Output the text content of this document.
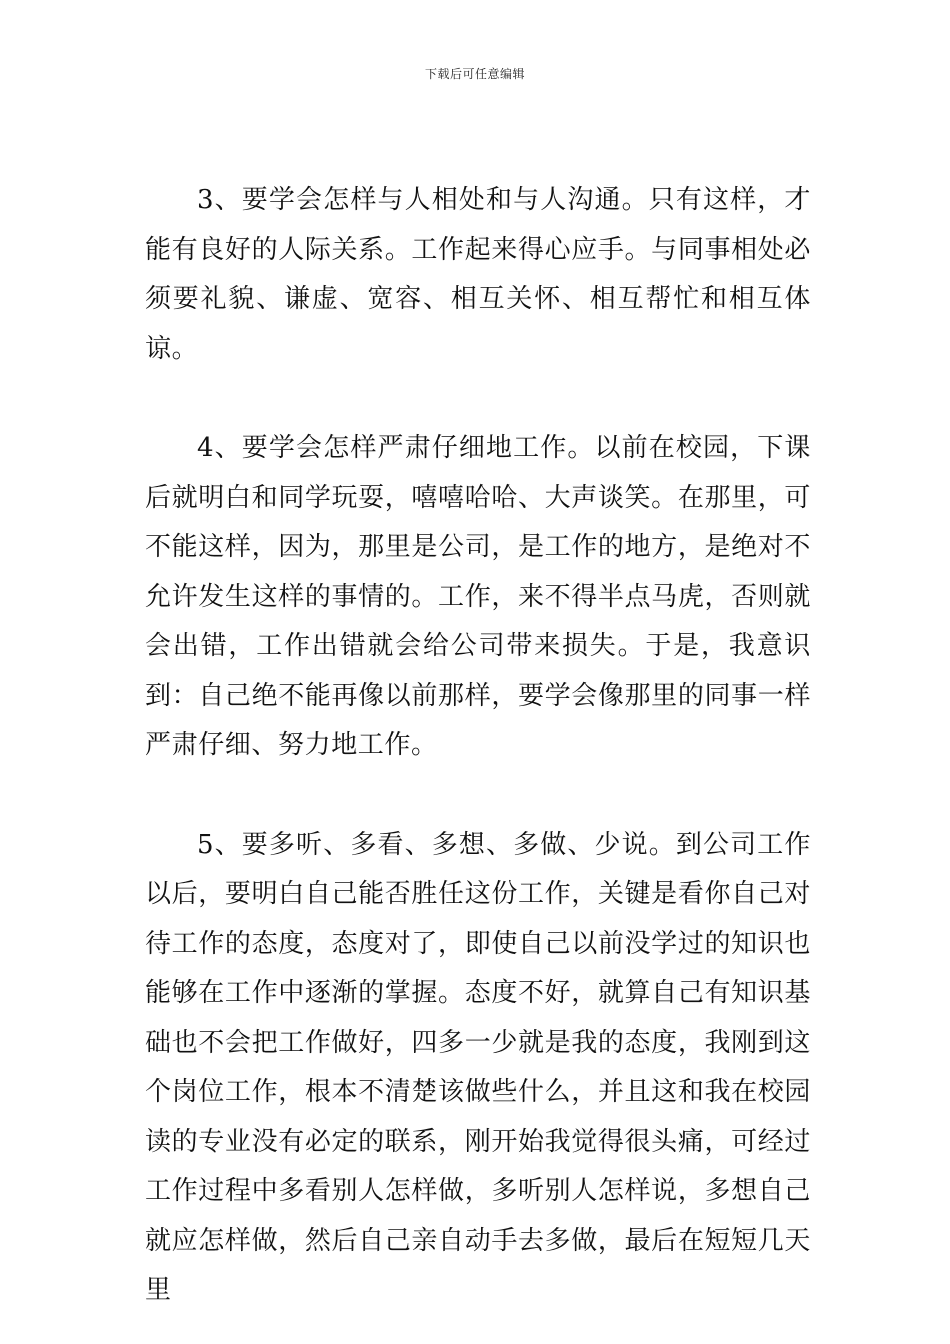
下载后可任意编辑

3、要学会怎样与人相处和与人沟通。只有这样，才能有良好的人际关系。工作起来得心应手。与同事相处必须要礼貌、谦虚、宽容、相互关怀、相互帮忙和相互体谅。

4、要学会怎样严肃仔细地工作。以前在校园，下课后就明白和同学玩耍，嘻嘻哈哈、大声谈笑。在那里，可不能这样，因为，那里是公司，是工作的地方，是绝对不允许发生这样的事情的。工作，来不得半点马虎，否则就会出错，工作出错就会给公司带来损失。于是，我意识到：自己绝不能再像以前那样，要学会像那里的同事一样严肃仔细、努力地工作。

5、要多听、多看、多想、多做、少说。到公司工作以后，要明白自己能否胜任这份工作，关键是看你自己对待工作的态度，态度对了，即使自己以前没学过的知识也能够在工作中逐渐的掌握。态度不好，就算自己有知识基础也不会把工作做好，四多一少就是我的态度，我刚到这个岗位工作，根本不清楚该做些什么，并且这和我在校园读的专业没有必定的联系，刚开始我觉得很头痛，可经过工作过程中多看别人怎样做，多听别人怎样说，多想自己就应怎样做，然后自己亲自动手去多做，最后在短短几天里
